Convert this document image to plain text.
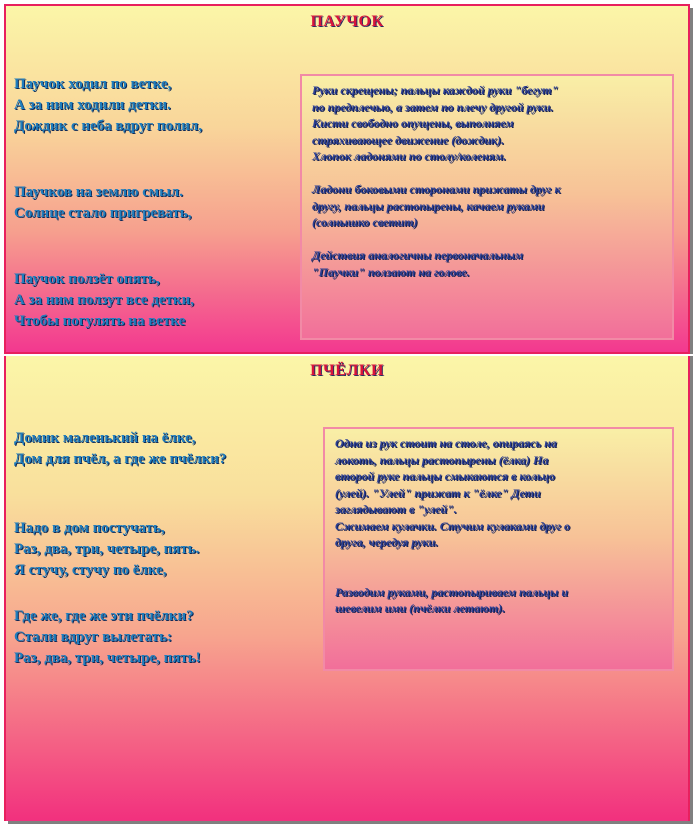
ПАУЧОК
Паучок ходил по ветке,
А за ним ходили детки.
Дождик с неба вдруг полил,
Паучков на землю смыл.
Солнце стало пригревать,
Паучок ползёт опять,
А за ним ползут все детки,
Чтобы погулять на ветке

Руки скрещены; пальцы каждой руки "бегут"

по предплечью, а затем по плечу другой руки.

Кисти свободно опущены, выполняем

стряхивающее движение (дождик).

Хлопок ладонями по столу/коленям.

Ладони боковыми сторонами прижаты друг к

другу, пальцы растопырены, качаем руками

(солнышко светит)

Действия аналогичны первоначальным

"Паучки" ползают на голове.

ПЧЁЛКИ
Домик маленький на ёлке,
Дом для пчёл, а где же пчёлки?
Надо в дом постучать,
Раз, два, три, четыре, пять.
Я стучу, стучу по ёлке,
Где же, где же эти пчёлки?
Стали вдруг вылетать:
Раз, два, три, четыре, пять!

Одна из рук стоит на столе, опираясь на

локоть, пальцы растопырены (ёлка) На

второй руке пальцы смыкаются в кольцо

(улей). "Улей" прижат к "ёлке" Дети

заглядывают в "улей".

Сжимаем кулачки. Стучим кулаками друг о

друга, чередуя руки.

Разводим руками, растопыриваем пальцы и

шевелим ими (пчёлки летают).
